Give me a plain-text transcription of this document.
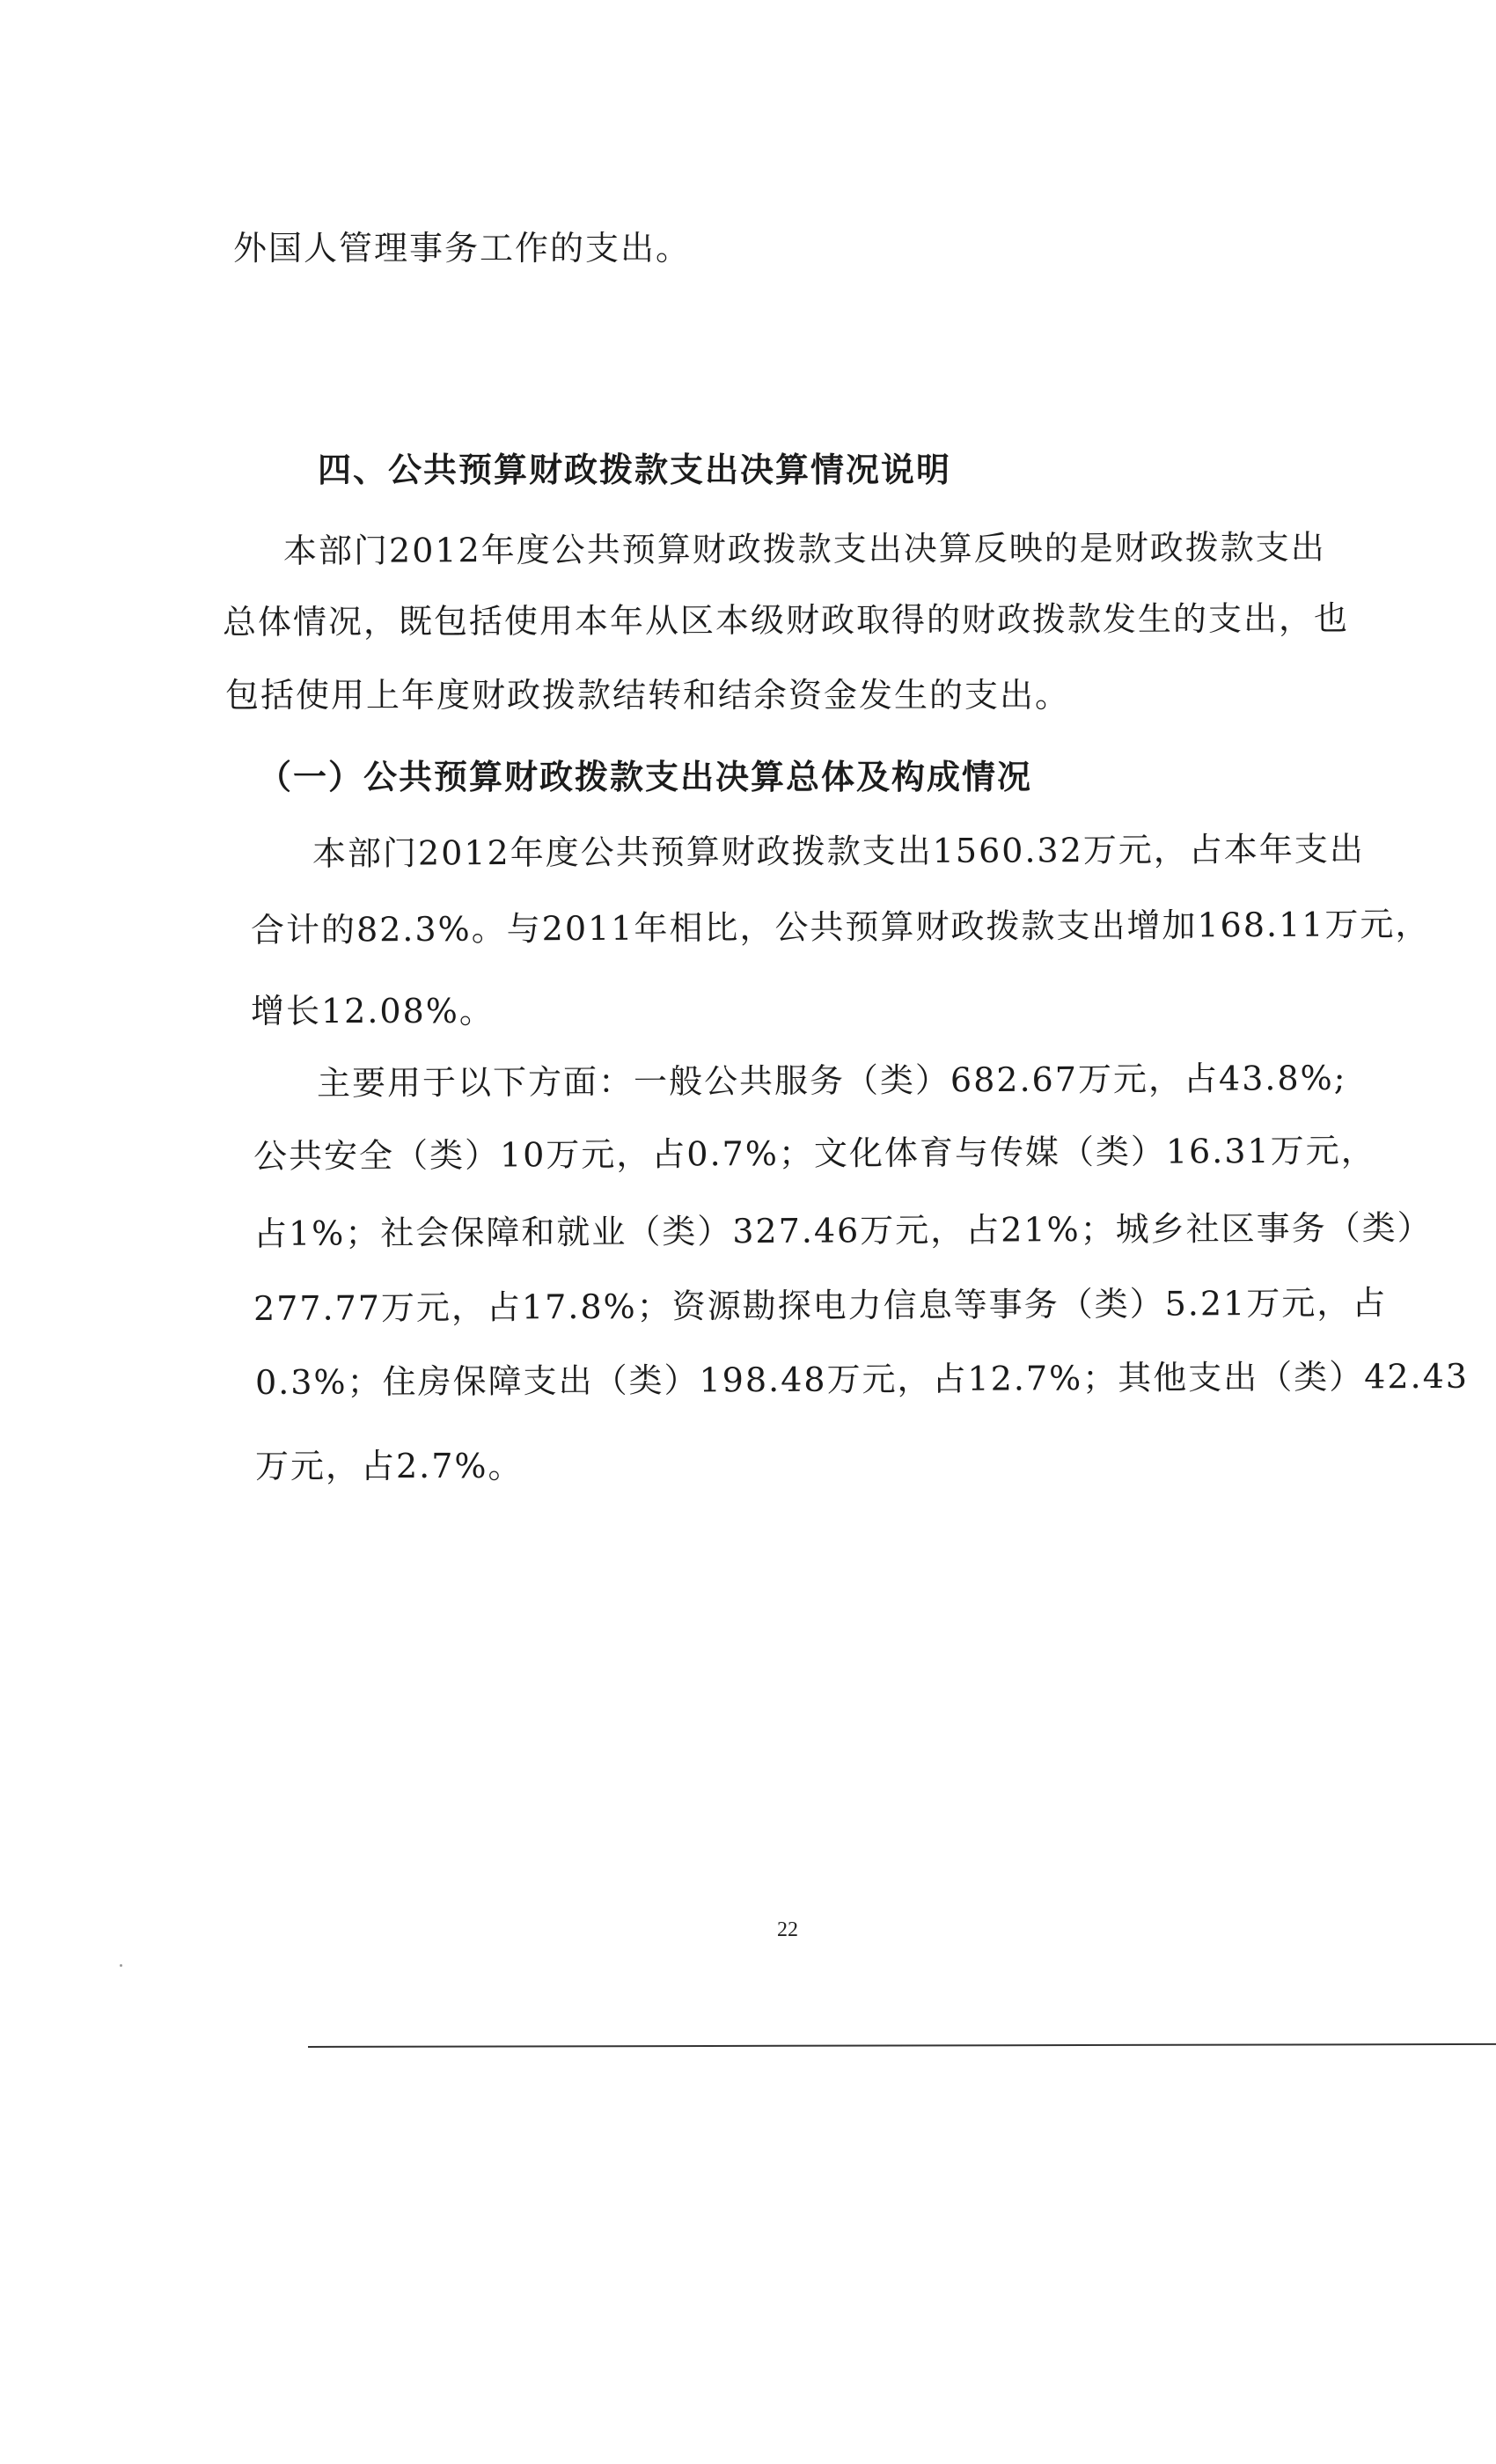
外国人管理事务工作的支出。
四、公共预算财政拨款支出决算情况说明
本部门2012年度公共预算财政拨款支出决算反映的是财政拨款支出
总体情况，既包括使用本年从区本级财政取得的财政拨款发生的支出，也
包括使用上年度财政拨款结转和结余资金发生的支出。
（一）公共预算财政拨款支出决算总体及构成情况
本部门2012年度公共预算财政拨款支出1560.32万元，占本年支出
合计的82.3%。与2011年相比，公共预算财政拨款支出增加168.11万元，
增长12.08%。
主要用于以下方面：一般公共服务（类）682.67万元，占43.8%;
公共安全（类）10万元，占0.7%；文化体育与传媒（类）16.31万元，
占1%；社会保障和就业（类）327.46万元，占21%；城乡社区事务（类）
277.77万元，占17.8%；资源勘探电力信息等事务（类）5.21万元，占
0.3%；住房保障支出（类）198.48万元，占12.7%；其他支出（类）42.43
万元，占2.7%。
22
